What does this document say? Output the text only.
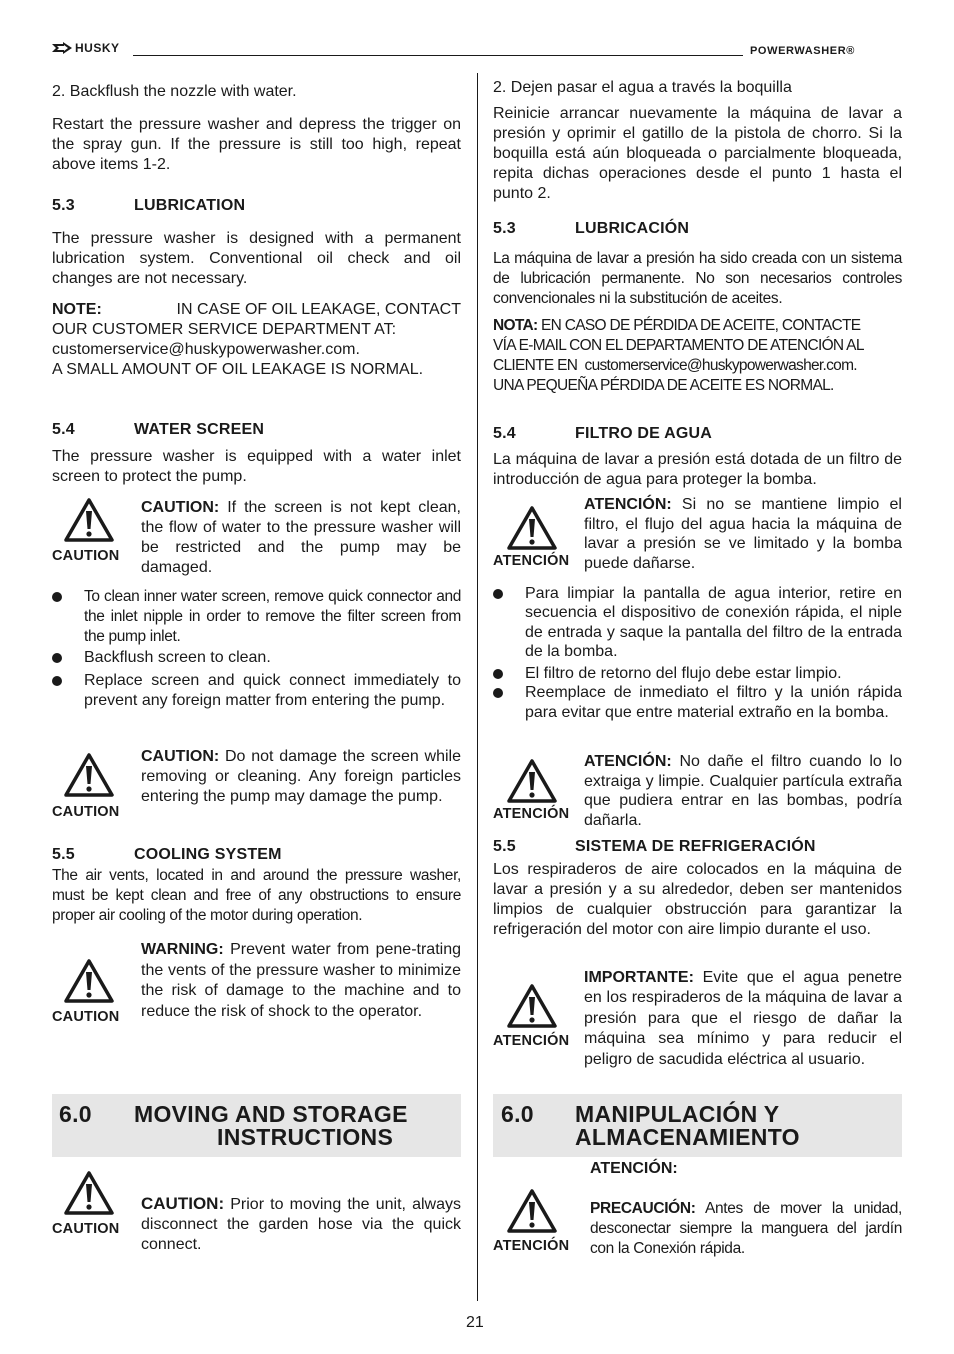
HUSKY	POWERWASHER®

2. Backflush the nozzle with water.

Restart the pressure washer and depress the trigger on the spray gun. If the pressure is still too high, repeat above items 1-2.

5.3	LUBRICATION

The pressure washer is designed with a permanent lubrication system. Conventional oil check and oil changes are not necessary.

NOTE:	IN CASE OF OIL LEAKAGE, CONTACT
OUR CUSTOMER SERVICE DEPARTMENT AT:
customerservice@huskypowerwasher.com.
A SMALL AMOUNT OF OIL LEAKAGE IS NORMAL.
5.4	WATER SCREEN

The pressure washer is equipped with a water inlet screen to protect the pump.

CAUTION

CAUTION: If the screen is not kept clean, the flow of water to the pressure washer will be restricted and the pump may be damaged.

To clean inner water screen, remove quick connector and the inlet nipple in order to remove the filter screen from the pump inlet.

Backflush screen to clean.

Replace screen and quick connect immediately to prevent any foreign matter from entering the pump.

CAUTION

CAUTION: Do not damage the screen while removing or cleaning. Any foreign particles entering the pump may damage the pump.

5.5	COOLING SYSTEM

The air vents, located in and around the pressure washer, must be kept clean and free of any obstructions to ensure proper air cooling of the motor during operation.

CAUTION

WARNING: Prevent water from pene-trating the vents of the pressure washer to minimize the risk of damage to the machine and to reduce the risk of shock to the operator.

6.0 MOVING AND STORAGE
INSTRUCTIONS
CAUTION

CAUTION: Prior to moving the unit, always disconnect the garden hose via the quick connect.

2. Dejen pasar el agua a través la boquilla

Reinicie arrancar nuevamente la máquina de lavar a presión y oprimir el gatillo de la pistola de chorro. Si la boquilla está aún bloqueada o parcialmente bloqueada, repita dichas operaciones desde el punto 1 hasta el punto 2.

5.3	LUBRICACIÓN

La máquina de lavar a presión ha sido creada con un sistema de lubricación permanente. No son necesarios controles convencionales ni la substitución de aceites.

NOTA: EN CASO DE PÉRDIDA DE ACEITE, CONTACTE
VÍA E-MAIL CON EL DEPARTAMENTO DE ATENCIÓN AL
CLIENTE EN customerservice@huskypowerwasher.com.
UNA PEQUEÑA PÉRDIDA DE ACEITE ES NORMAL.
5.4	FILTRO DE AGUA

La máquina de lavar a presión está dotada de un filtro de introducción de agua para proteger la bomba.

ATENCIÓN

ATENCIÓN: Si no se mantiene limpio el filtro, el flujo del agua hacia la máquina de lavar a presión se ve limitado y la bomba puede dañarse.

Para limpiar la pantalla de agua interior, retire en secuencia el dispositivo de conexión rápida, el niple de entrada y saque la pantalla del filtro de la entrada de la bomba.

El filtro de retorno del flujo debe estar limpio.

Reemplace de inmediato el filtro y la unión rápida para evitar que entre material extraño en la bomba.

ATENCIÓN

ATENCIÓN: No dañe el filtro cuando lo lo extraiga y limpie. Cualquier partícula extraña que pudiera entrar en las bombas, podría dañarla.

5.5	SISTEMA DE REFRIGERACIÓN

Los respiraderos de aire colocados en la máquina de lavar a presión y a su alrededor, deben ser mantenidos limpios de cualquier obstrucción para garantizar la refrigeración del motor con aire limpio durante el uso.

ATENCIÓN

IMPORTANTE: Evite que el agua penetre en los respiraderos de la máquina de lavar a presión para que el riesgo de dañar la máquina sea mínimo y para reducir el peligro de sacudida eléctrica al usuario.

6.0 MANIPULACIÓN Y
ALMACENAMIENTO
ATENCIÓN:
ATENCIÓN

PRECAUCIÓN: Antes de mover la unidad, desconectar siempre la manguera del jardín con la Conexión rápida.

21
